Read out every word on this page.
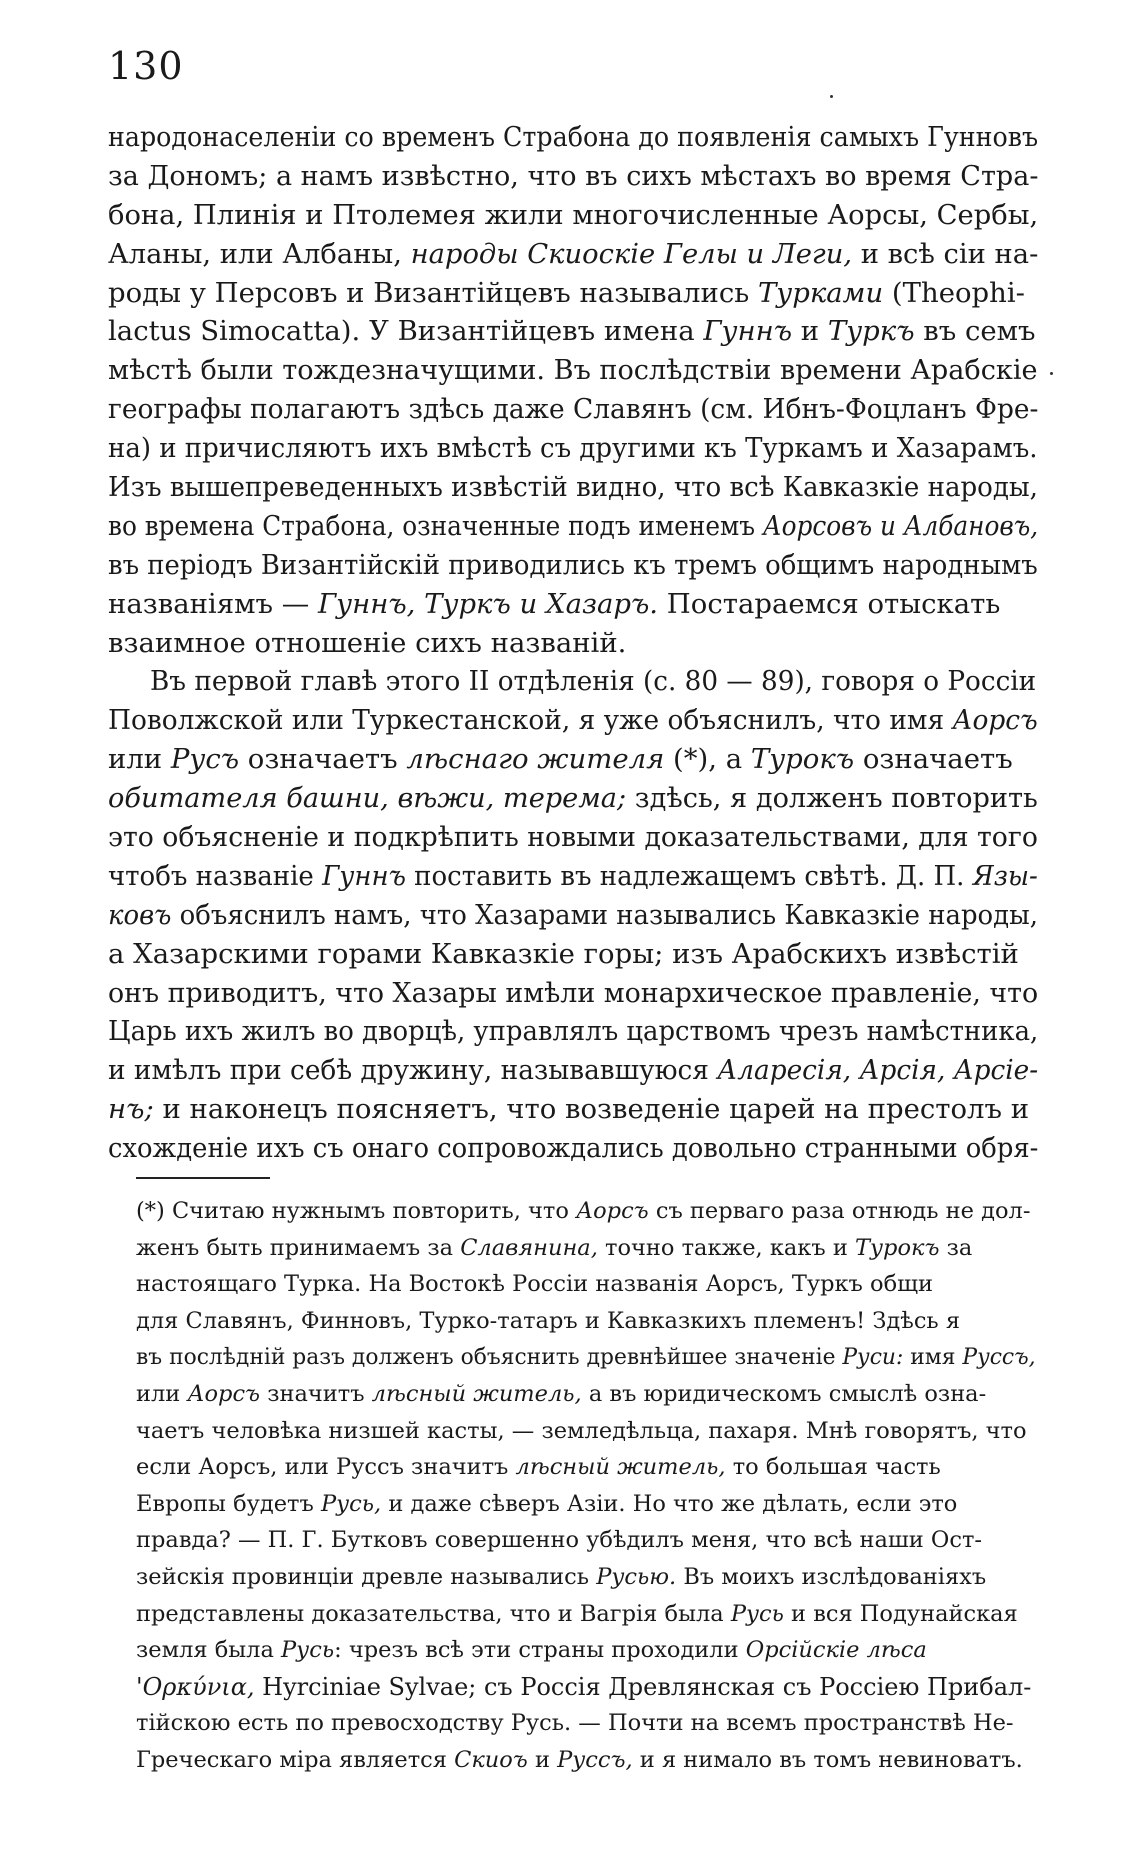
130
народонаселенiи со временъ Страбона до появленiя самыхъ Гунновъ
за Дономъ; а намъ извѣстно, что въ сихъ мѣстахъ во время Стра-
бона, Плинiя и Птолемея жили многочисленные Аорсы, Сербы,
Аланы, или Албаны, народы Скиоскiе Гелы и Леги, и всѣ сiи на-
роды у Персовъ и Византiйцевъ назывались Турками (Theophi-
lactus Simocatta). У Византiйцевъ имена Гуннъ и Туркъ въ семъ
мѣстѣ были тождезначущими. Въ послѣдствiи времени Арабскiе
географы полагаютъ здѣсь даже Славянъ (см. Ибнъ-Фоцланъ Фре-
на) и причисляютъ ихъ вмѣстѣ съ другими къ Туркамъ и Хазарамъ.
Изъ вышепреведенныхъ извѣстiй видно, что всѣ Кавказкiе народы,
во времена Страбона, означенные подъ именемъ Аорсовъ и Албановъ,
въ перiодъ Византiйскiй приводились къ тремъ общимъ народнымъ
названiямъ — Гуннъ, Туркъ и Хазаръ. Постараемся отыскать
взаимное отношенiе сихъ названiй.
Въ первой главѣ этого II отдѣленiя (с. 80 — 89), говоря о Россiи
Поволжской или Туркестанской, я уже объяснилъ, что имя Аорсъ
или Русъ означаетъ лѣснаго жителя (*), а Турокъ означаетъ
обитателя башни, вѣжи, терема; здѣсь, я долженъ повторить
это объясненiе и подкрѣпить новыми доказательствами, для того
чтобъ названiе Гуннъ поставить въ надлежащемъ свѣтѣ. Д. П. Язы-
ковъ объяснилъ намъ, что Хазарами назывались Кавказкiе народы,
а Хазарскими горами Кавказкiе горы; изъ Арабскихъ извѣстiй
онъ приводитъ, что Хазары имѣли монархическое правленiе, что
Царь ихъ жилъ во дворцѣ, управлялъ царствомъ чрезъ намѣстника,
и имѣлъ при себѣ дружину, называвшуюся Аларесiя, Арсiя, Арсiе-
нъ; и наконецъ поясняетъ, что возведенiе царей на престолъ и
схожденiе ихъ съ онаго сопровождались довольно странными обря-
(*) Считаю нужнымъ повторить, что Аорсъ съ перваго раза отнюдь не дол-
женъ быть принимаемъ за Славянина, точно также, какъ и Турокъ за
настоящаго Турка. На Востокѣ Россiи названiя Аорсъ, Туркъ общи
для Славянъ, Финновъ, Турко-татаръ и Кавказкихъ племенъ! Здѣсь я
въ послѣднiй разъ долженъ объяснить древнѣйшее значенiе Руси: имя Руссъ,
или Аорсъ значитъ лѣсный житель, а въ юридическомъ смыслѣ озна-
чаетъ человѣка низшей касты, — земледѣльца, пахаря. Мнѣ говорятъ, что
если Аорсъ, или Руссъ значитъ лѣсный житель, то большая часть
Европы будетъ Русь, и даже сѣверъ Азiи. Но что же дѣлать, если это
правда? — П. Г. Бутковъ совершенно убѣдилъ меня, что всѣ наши Ост-
зейскiя провинцiи древле назывались Русью. Въ моихъ изслѣдованiяхъ
представлены доказательства, что и Вагрiя была Русь и вся Подунайская
земля была Русь: чрезъ всѣ эти страны проходили Орсiйскiе лѣса
'Ορκύνια, Hyrciniae Sylvae; съ Россiя Древлянская съ Россiею Прибал-
тiйскою есть по превосходству Русь. — Почти на всемъ пространствѣ Не-
Греческаго мiра является Скиоъ и Руссъ, и я нимало въ томъ невиноватъ.
